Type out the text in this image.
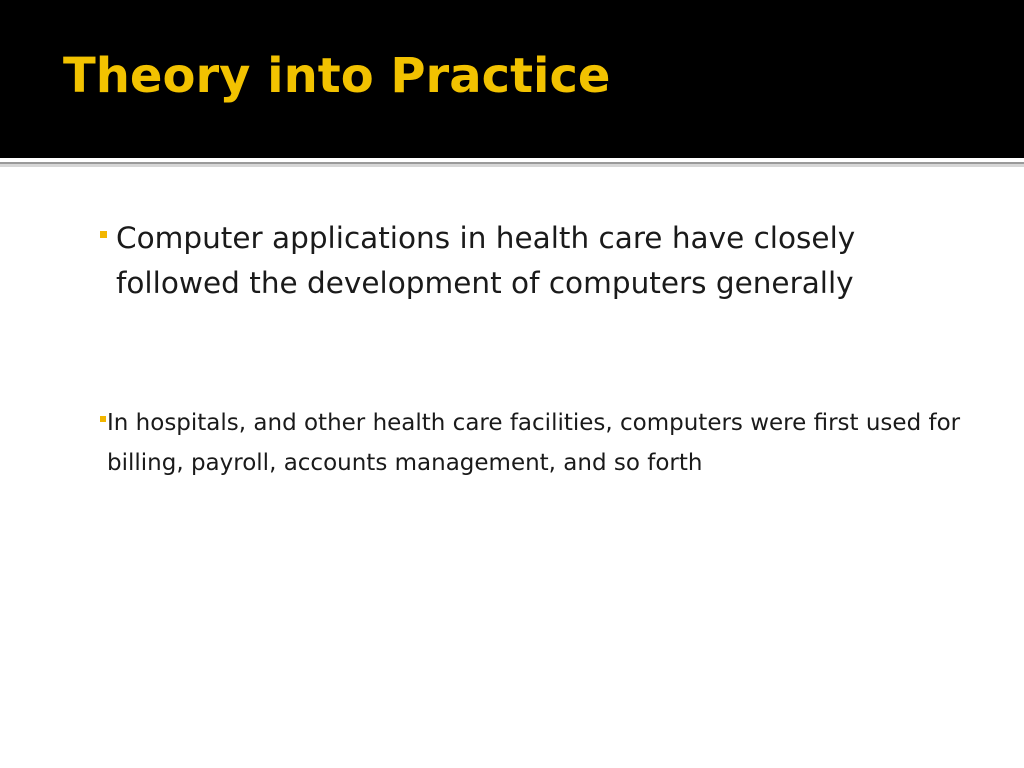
Theory into Practice
Computer applications in health care have closely followed the development of computers generally
In hospitals, and other health care facilities, computers were first used for billing, payroll, accounts management, and so forth
